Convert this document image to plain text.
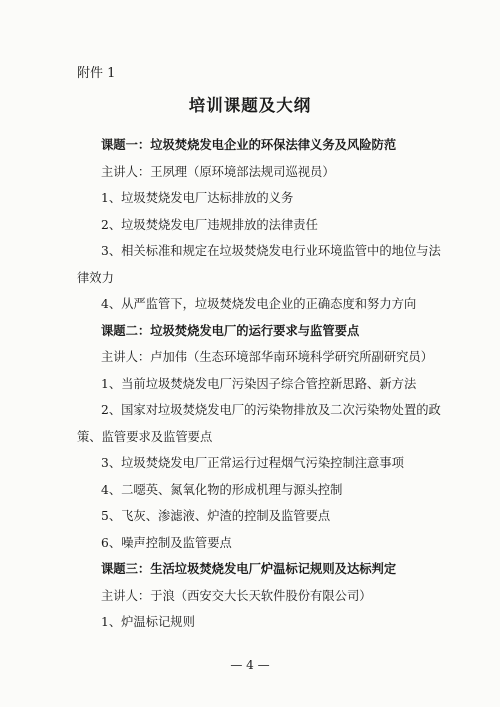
附件 1
培训课题及大纲
课题一：垃圾焚烧发电企业的环保法律义务及风险防范
主讲人：王夙理（原环境部法规司巡视员）
1、垃圾焚烧发电厂达标排放的义务
2、垃圾焚烧发电厂违规排放的法律责任
3、相关标准和规定在垃圾焚烧发电行业环境监管中的地位与法
律效力
4、从严监管下，垃圾焚烧发电企业的正确态度和努力方向
课题二：垃圾焚烧发电厂的运行要求与监管要点
主讲人：卢加伟（生态环境部华南环境科学研究所副研究员）
1、当前垃圾焚烧发电厂污染因子综合管控新思路、新方法
2、国家对垃圾焚烧发电厂的污染物排放及二次污染物处置的政
策、监管要求及监管要点
3、垃圾焚烧发电厂正常运行过程烟气污染控制注意事项
4、二噁英、氮氧化物的形成机理与源头控制
5、飞灰、渗滤液、炉渣的控制及监管要点
6、噪声控制及监管要点
课题三：生活垃圾焚烧发电厂炉温标记规则及达标判定
主讲人：于浪（西安交大长天软件股份有限公司）
1、炉温标记规则
— 4 —
